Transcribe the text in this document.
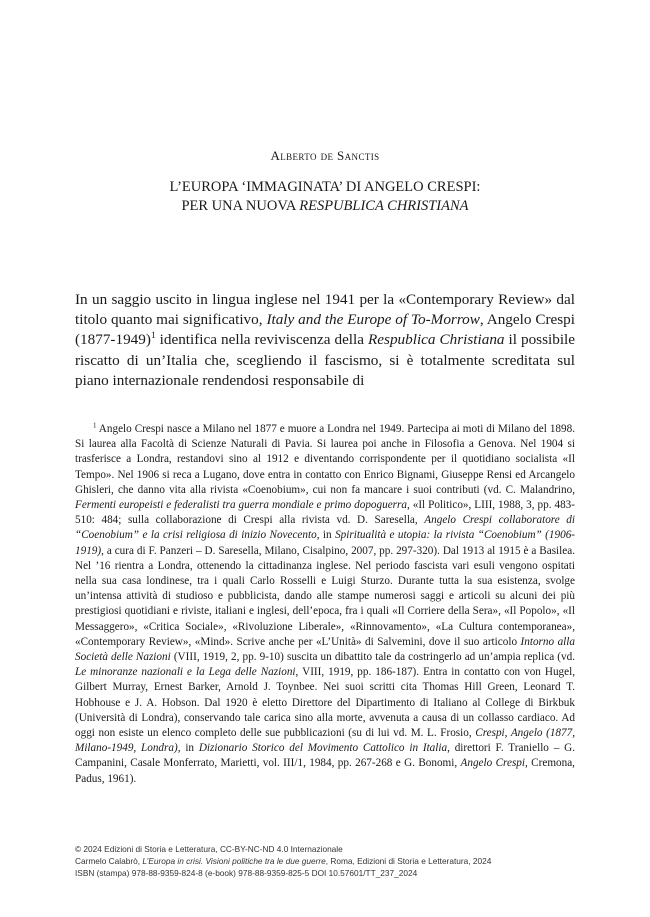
Alberto de Sanctis
L’EUROPA ‘IMMAGINATA’ DI ANGELO CRESPI:
PER UNA NUOVA RESPUBLICA CHRISTIANA
In un saggio uscito in lingua inglese nel 1941 per la «Contemporary Review» dal titolo quanto mai significativo, Italy and the Europe of To-Morrow, Angelo Crespi (1877-1949)$^1$ identifica nella reviviscenza della Respublica Christiana il possibile riscatto di un’Italia che, scegliendo il fascismo, si è totalmente screditata sul piano internazionale rendendosi responsabile di

$^1$ Angelo Crespi nasce a Milano nel 1877 e muore a Londra nel 1949. Partecipa ai moti di Milano del 1898. Si laurea alla Facoltà di Scienze Naturali di Pavia. Si laurea poi anche in Filosofia a Genova. Nel 1904 si trasferisce a Londra, restandovi sino al 1912 e diventando corrispondente per il quotidiano socialista «Il Tempo». Nel 1906 si reca a Lugano, dove entra in contatto con Enrico Bignami, Giuseppe Rensi ed Arcangelo Ghisleri, che danno vita alla rivista «Coenobium», cui non fa mancare i suoi contributi (vd. C. Malandrino, Fermenti europeisti e federalisti tra guerra mondiale e primo dopoguerra, «Il Politico», LIII, 1988, 3, pp. 483-510: 484; sulla collaborazione di Crespi alla rivista vd. D. Saresella, Angelo Crespi collaboratore di “Coenobium” e la crisi religiosa di inizio Novecento, in Spiritualità e utopia: la rivista “Coenobium” (1906-1919), a cura di F. Panzeri – D. Saresella, Milano, Cisalpino, 2007, pp. 297-320). Dal 1913 al 1915 è a Basilea. Nel ’16 rientra a Londra, ottenendo la cittadinanza inglese. Nel periodo fascista vari esuli vengono ospitati nella sua casa londinese, tra i quali Carlo Rosselli e Luigi Sturzo. Durante tutta la sua esistenza, svolge un’intensa attività di studioso e pubblicista, dando alle stampe numerosi saggi e articoli su alcuni dei più prestigiosi quotidiani e riviste, italiani e inglesi, dell’epoca, fra i quali «Il Corriere della Sera», «Il Popolo», «Il Messaggero», «Critica Sociale», «Rivoluzione Liberale», «Rinnovamento», «La Cultura contemporanea», «Contemporary Review», «Mind». Scrive anche per «L’Unità» di Salvemini, dove il suo articolo Intorno alla Società delle Nazioni (VIII, 1919, 2, pp. 9-10) suscita un dibattito tale da costringerlo ad un’ampia replica (vd. Le minoranze nazionali e la Lega delle Nazioni, VIII, 1919, pp. 186-187). Entra in contatto con von Hugel, Gilbert Murray, Ernest Barker, Arnold J. Toynbee. Nei suoi scritti cita Thomas Hill Green, Leonard T. Hobhouse e J. A. Hobson. Dal 1920 è eletto Direttore del Dipartimento di Italiano al College di Birkbuk (Università di Londra), conservando tale carica sino alla morte, avvenuta a causa di un collasso cardiaco. Ad oggi non esiste un elenco completo delle sue pubblicazioni (su di lui vd. M. L. Frosio, Crespi, Angelo (1877, Milano-1949, Londra), in Dizionario Storico del Movimento Cattolico in Italia, direttori F. Traniello – G. Campanini, Casale Monferrato, Marietti, vol. III/1, 1984, pp. 267-268 e G. Bonomi, Angelo Crespi, Cremona, Padus, 1961).

© 2024 Edizioni di Storia e Letteratura, CC-BY-NC-ND 4.0 Internazionale
Carmelo Calabrò, L’Europa in crisi. Visioni politiche tra le due guerre, Roma, Edizioni di Storia e Letteratura, 2024
ISBN (stampa) 978-88-9359-824-8 (e-book) 978-88-9359-825-5 DOI 10.57601/TT_237_2024
